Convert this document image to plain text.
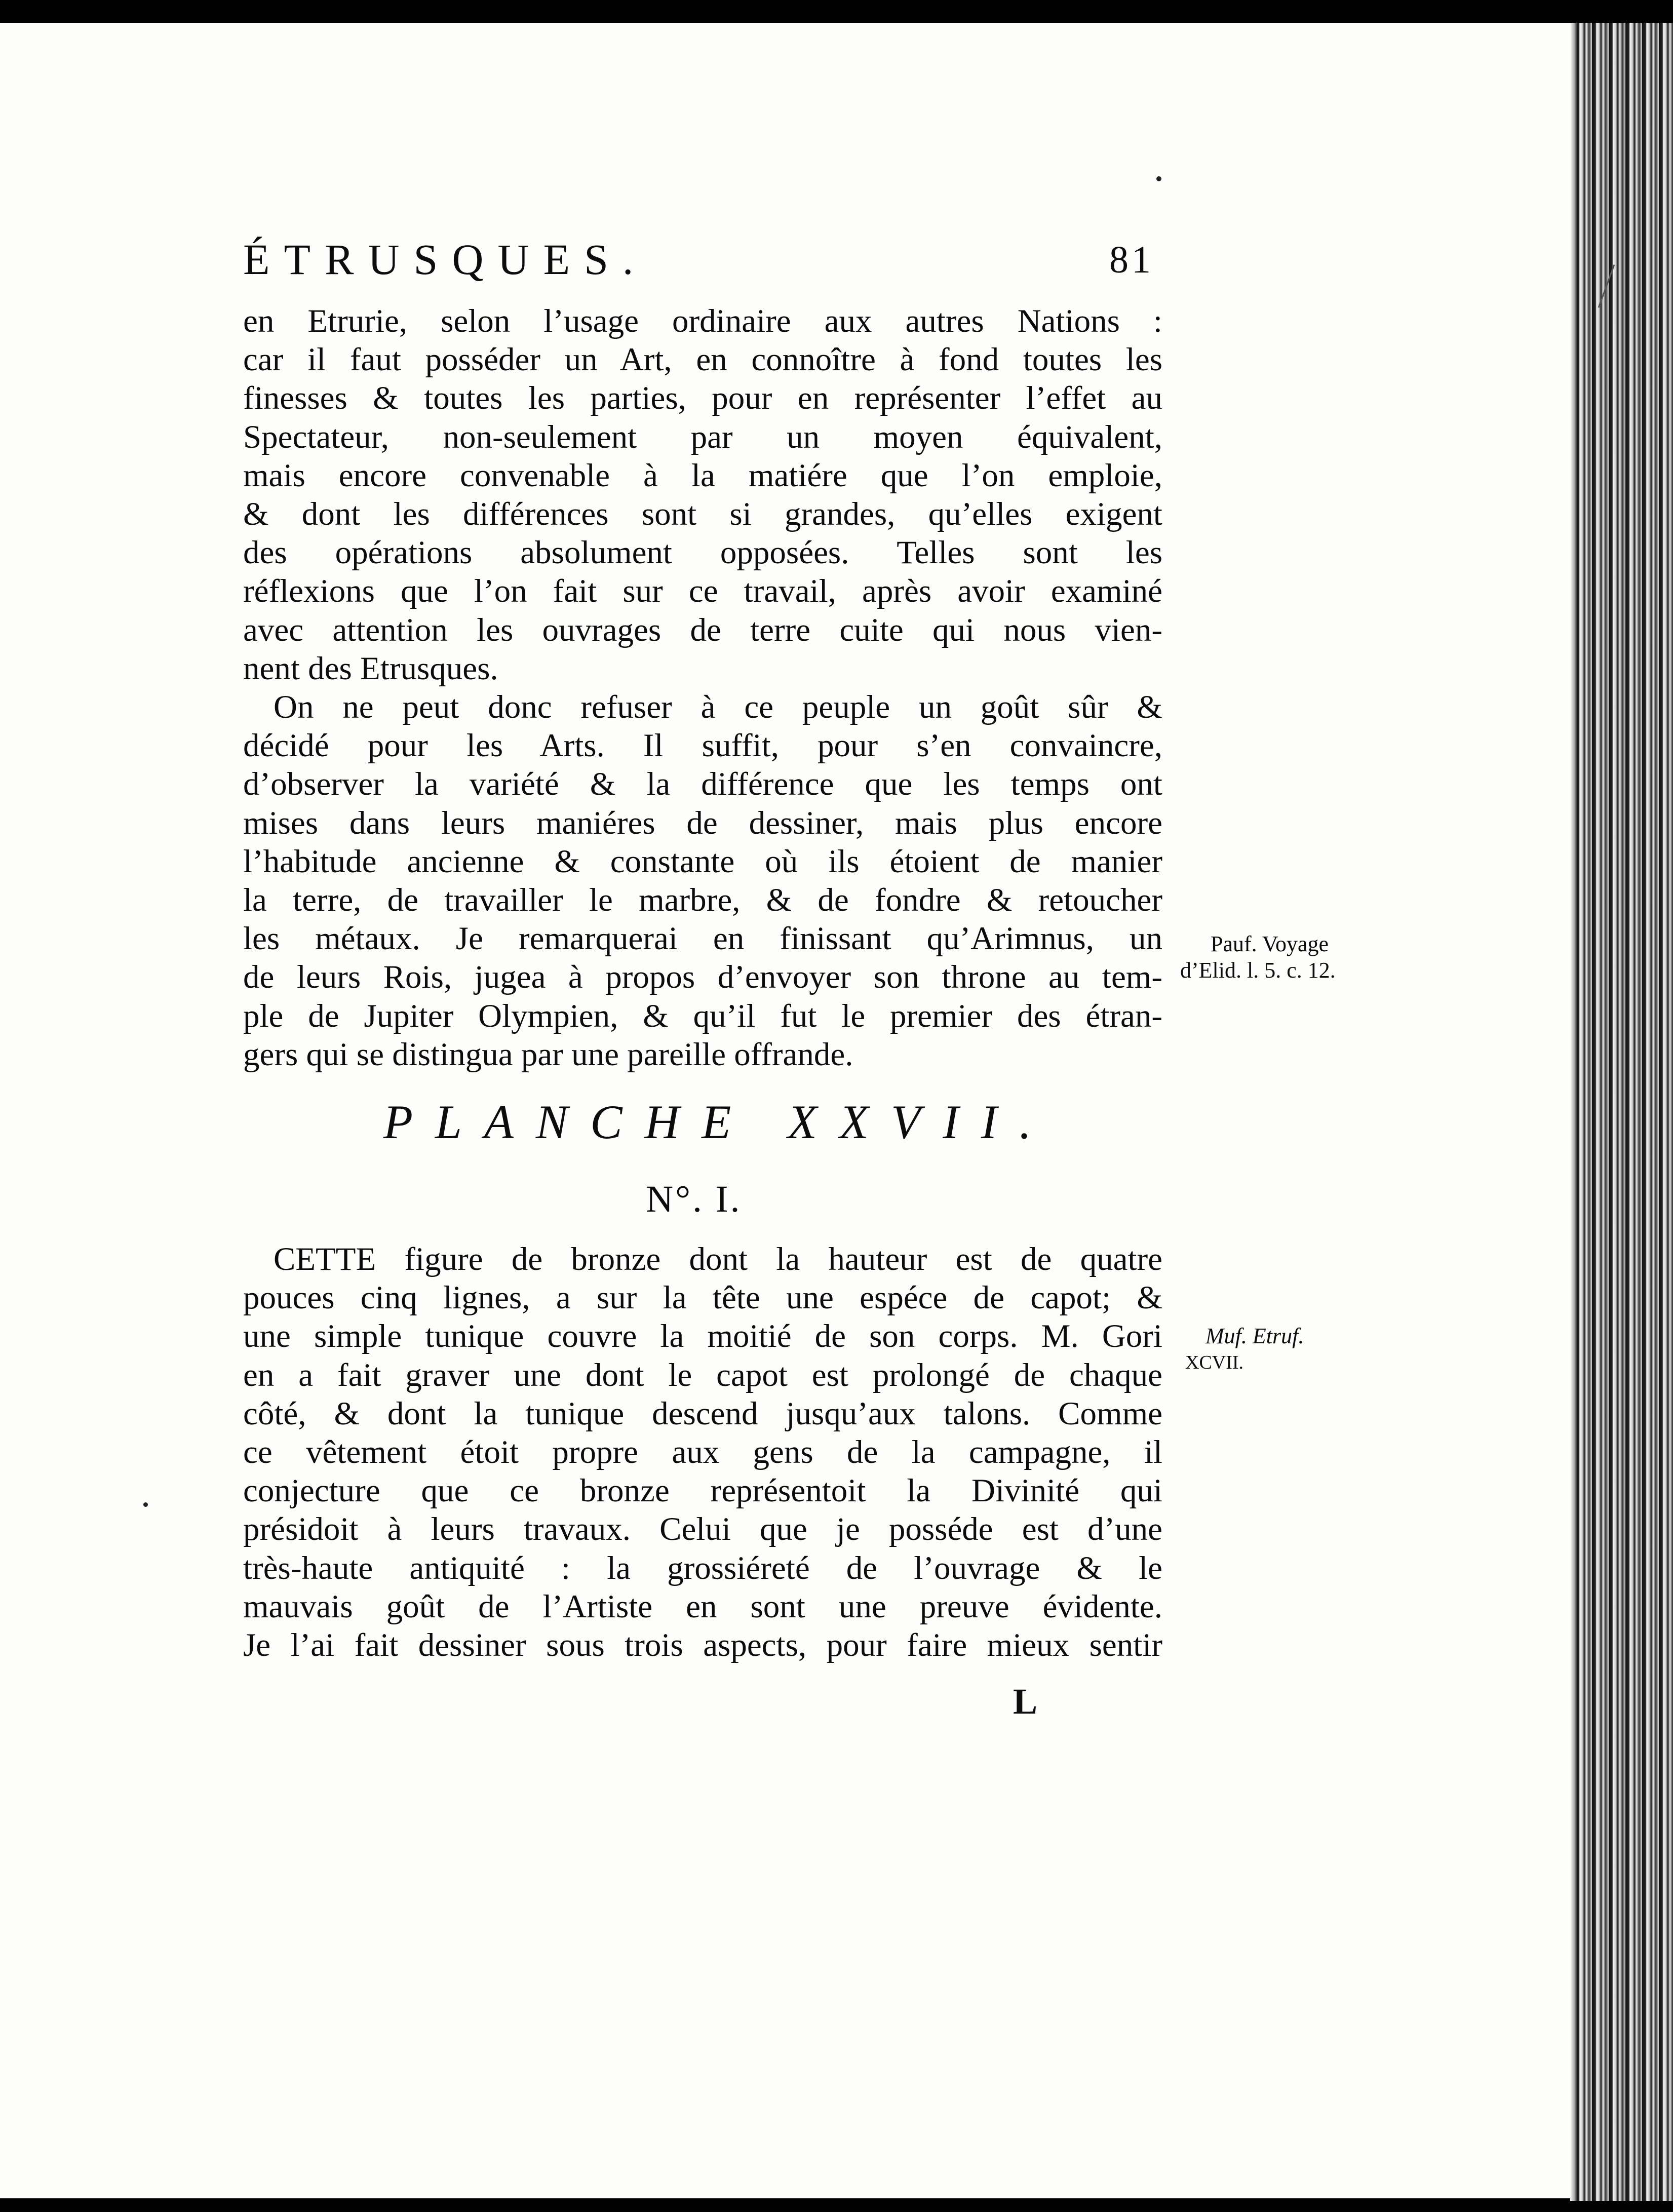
ÉTRUSQUES.	81
en Etrurie, selon l’usage ordinaire aux autres Nations :
car il faut posséder un Art, en connoître à fond toutes les
finesses & toutes les parties, pour en représenter l’effet au
Spectateur, non-seulement par un moyen équivalent,
mais encore convenable à la matiére que l’on emploie,
& dont les différences sont si grandes, qu’elles exigent
des opérations absolument opposées. Telles sont les
réflexions que l’on fait sur ce travail, après avoir examiné
avec attention les ouvrages de terre cuite qui nous vien-
nent des Etrusques.
On ne peut donc refuser à ce peuple un goût sûr &
décidé pour les Arts. Il suffit, pour s’en convaincre,
d’observer la variété & la différence que les temps ont
mises dans leurs maniéres de dessiner, mais plus encore
l’habitude ancienne & constante où ils étoient de manier
la terre, de travailler le marbre, & de fondre & retoucher
les métaux. Je remarquerai en finissant qu’Arimnus, un
de leurs Rois, jugea à propos d’envoyer son throne au tem-
ple de Jupiter Olympien, & qu’il fut le premier des étran-
gers qui se distingua par une pareille offrande.
PLANCHE XXVII.
N°. I.
CETTE figure de bronze dont la hauteur est de quatre
pouces cinq lignes, a sur la tête une espéce de capot; &
une simple tunique couvre la moitié de son corps. M. Gori
en a fait graver une dont le capot est prolongé de chaque
côté, & dont la tunique descend jusqu’aux talons. Comme
ce vêtement étoit propre aux gens de la campagne, il
conjecture que ce bronze représentoit la Divinité qui
présidoit à leurs travaux. Celui que je posséde est d’une
très-haute antiquité : la grossiéreté de l’ouvrage & le
mauvais goût de l’Artiste en sont une preuve évidente.
Je l’ai fait dessiner sous trois aspects, pour faire mieux sentir
Pauf. Voyage
d’Elid. l. 5. c. 12.
Muf. Etruf.
XCVII.
L
